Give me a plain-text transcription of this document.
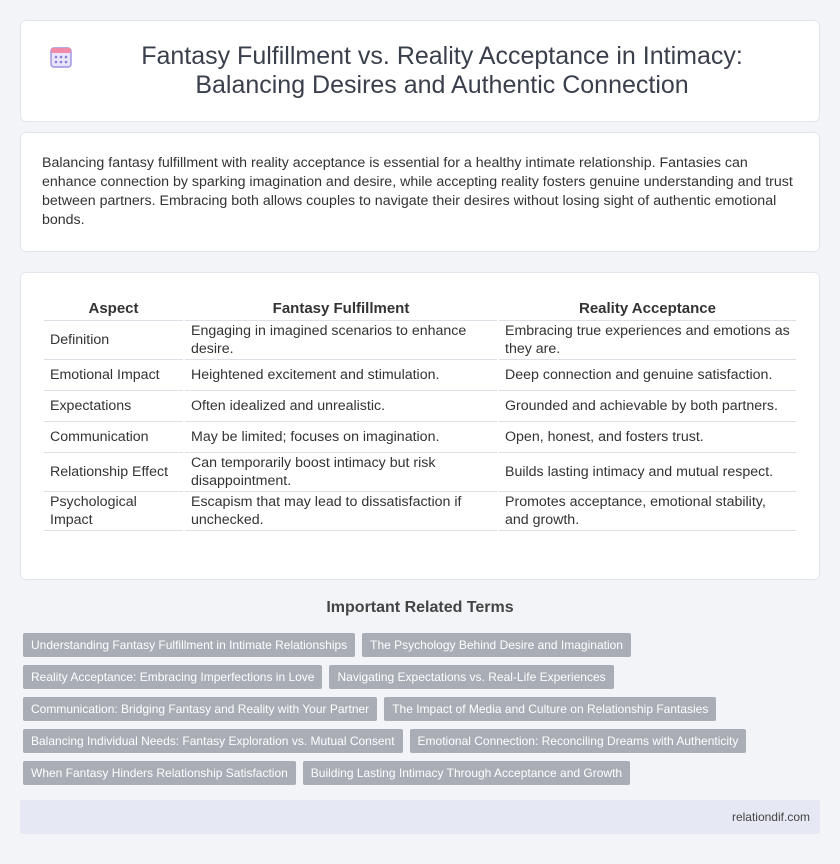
Fantasy Fulfillment vs. Reality Acceptance in Intimacy: Balancing Desires and Authentic Connection

Balancing fantasy fulfillment with reality acceptance is essential for a healthy intimate relationship. Fantasies can enhance connection by sparking imagination and desire, while accepting reality fosters genuine understanding and trust between partners. Embracing both allows couples to navigate their desires without losing sight of authentic emotional bonds.

Aspect	Fantasy Fulfillment	Reality Acceptance
Definition	Engaging in imagined scenarios to enhance desire.	Embracing true experiences and emotions as they are.
Emotional Impact	Heightened excitement and stimulation.	Deep connection and genuine satisfaction.
Expectations	Often idealized and unrealistic.	Grounded and achievable by both partners.
Communication	May be limited; focuses on imagination.	Open, honest, and fosters trust.
Relationship Effect	Can temporarily boost intimacy but risk disappointment.	Builds lasting intimacy and mutual respect.
Psychological Impact	Escapism that may lead to dissatisfaction if unchecked.	Promotes acceptance, emotional stability, and growth.
Important Related Terms
Understanding Fantasy Fulfillment in Intimate Relationships	The Psychology Behind Desire and Imagination
Reality Acceptance: Embracing Imperfections in Love	Navigating Expectations vs. Real-Life Experiences
Communication: Bridging Fantasy and Reality with Your Partner	The Impact of Media and Culture on Relationship Fantasies
Balancing Individual Needs: Fantasy Exploration vs. Mutual Consent	Emotional Connection: Reconciling Dreams with Authenticity
When Fantasy Hinders Relationship Satisfaction	Building Lasting Intimacy Through Acceptance and Growth
relationdif.com
